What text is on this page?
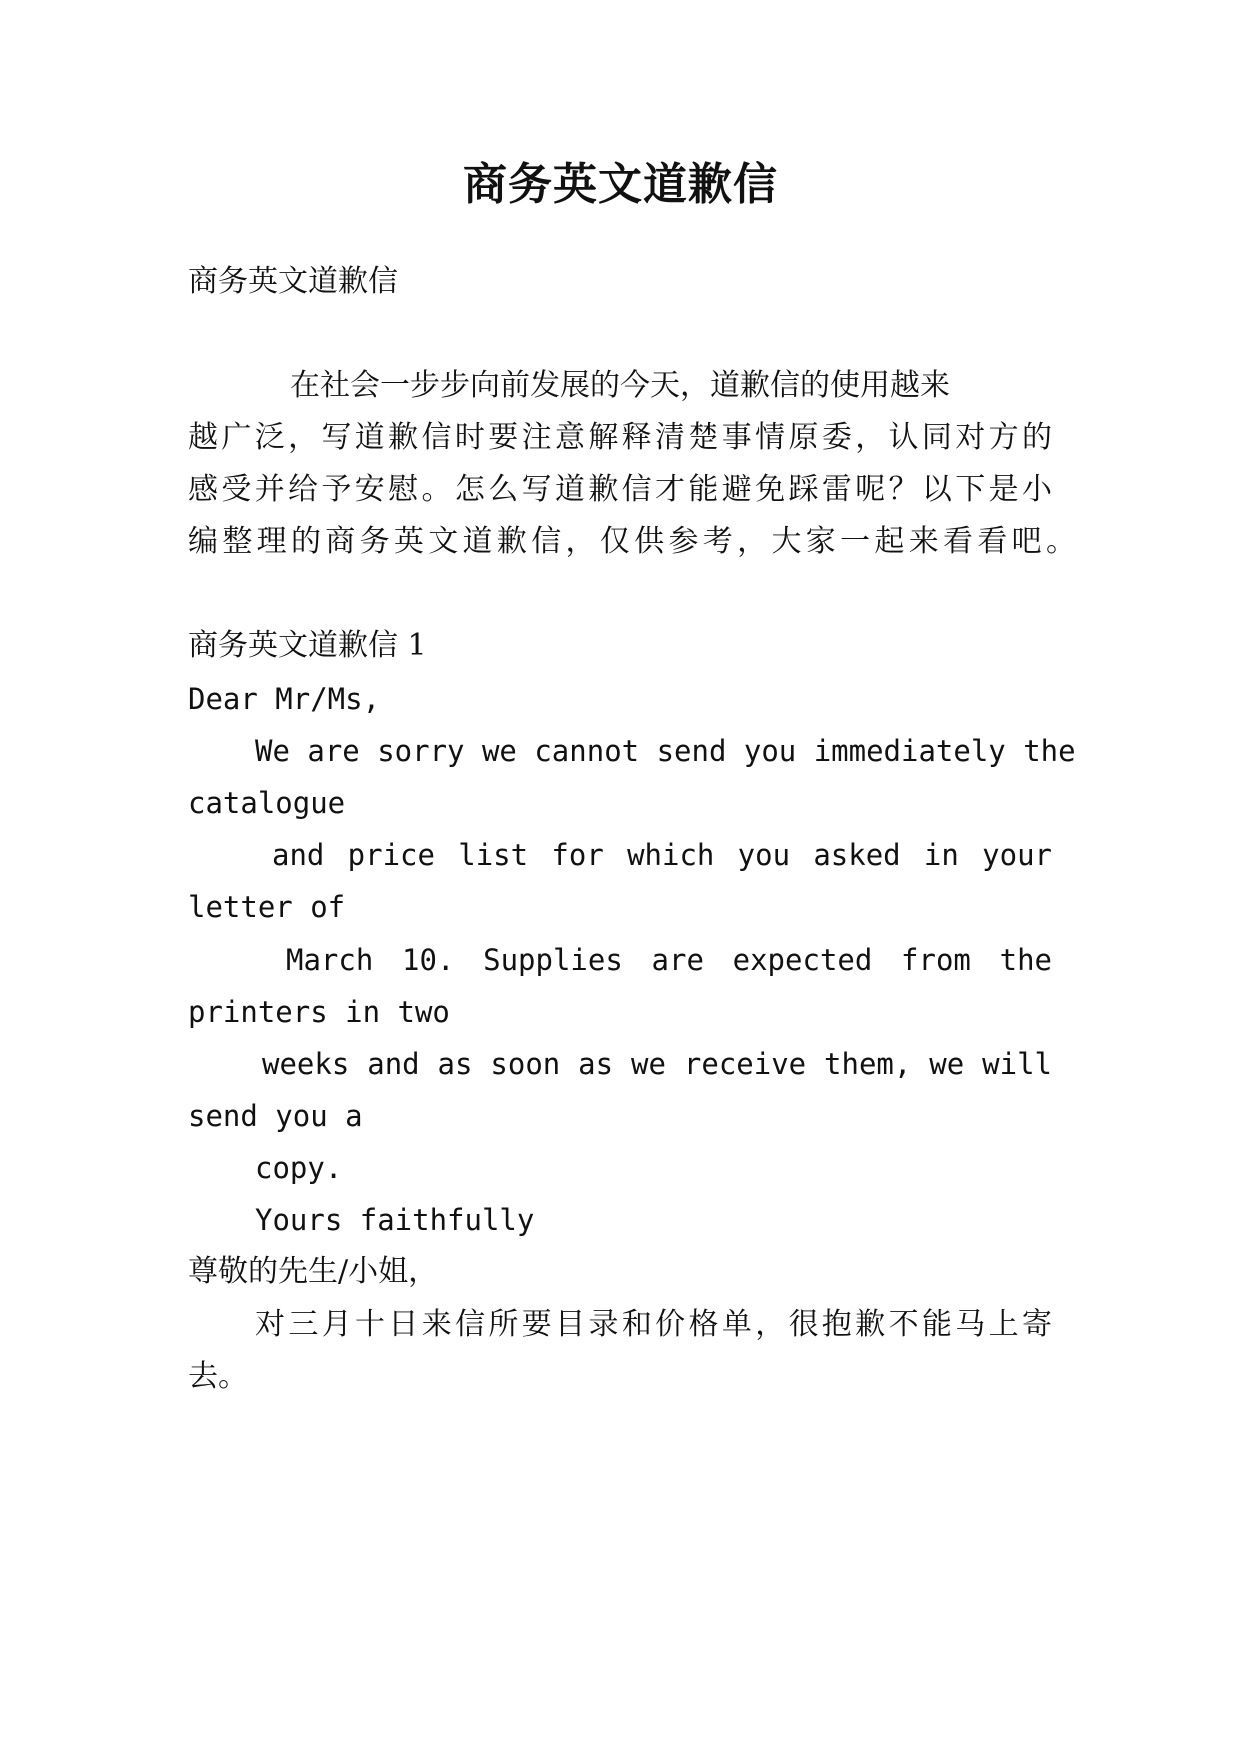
商务英文道歉信
商务英文道歉信
在社会一步步向前发展的今天，道歉信的使用越来
越广泛，写道歉信时要注意解释清楚事情原委，认同对方的
感受并给予安慰。怎么写道歉信才能避免踩雷呢？以下是小
编整理的商务英文道歉信，仅供参考，大家一起来看看吧。
商务英文道歉信 1
Dear Mr/Ms,
We are sorry we cannot send you immediately the
catalogue
and price list for which you asked in your
letter of
March 10. Supplies are expected from the
printers in two
weeks and as soon as we receive them, we will
send you a
copy.
Yours faithfully
尊敬的先生/小姐，
对三月十日来信所要目录和价格单，很抱歉不能马上寄
去。
